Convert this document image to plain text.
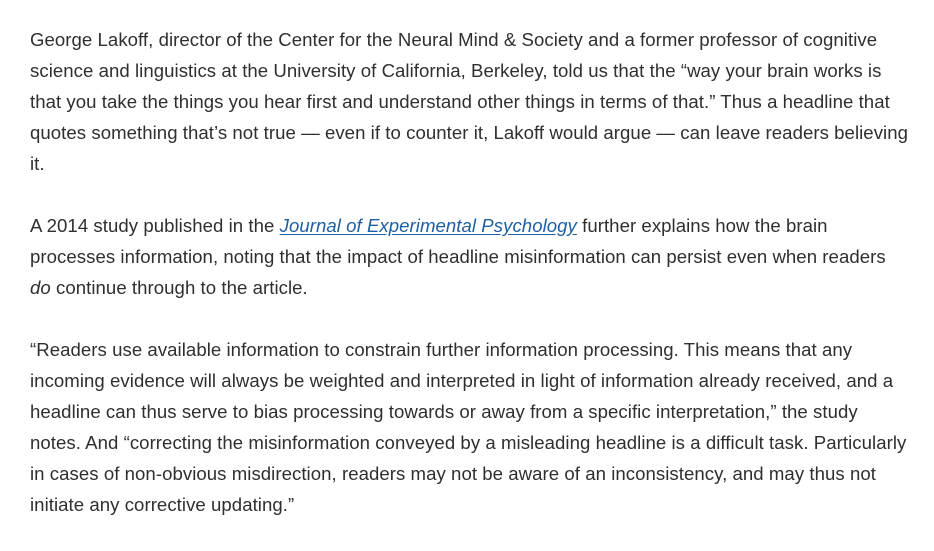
George Lakoff, director of the Center for the Neural Mind & Society and a former professor of cognitive science and linguistics at the University of California, Berkeley, told us that the “way your brain works is that you take the things you hear first and understand other things in terms of that.” Thus a headline that quotes something that’s not true — even if to counter it, Lakoff would argue — can leave readers believing it.

A 2014 study published in the Journal of Experimental Psychology further explains how the brain processes information, noting that the impact of headline misinformation can persist even when readers do continue through to the article.

“Readers use available information to constrain further information processing. This means that any incoming evidence will always be weighted and interpreted in light of information already received, and a headline can thus serve to bias processing towards or away from a specific interpretation,” the study notes. And “correcting the misinformation conveyed by a misleading headline is a difficult task. Particularly in cases of non-obvious misdirection, readers may not be aware of an inconsistency, and may thus not initiate any corrective updating.”
